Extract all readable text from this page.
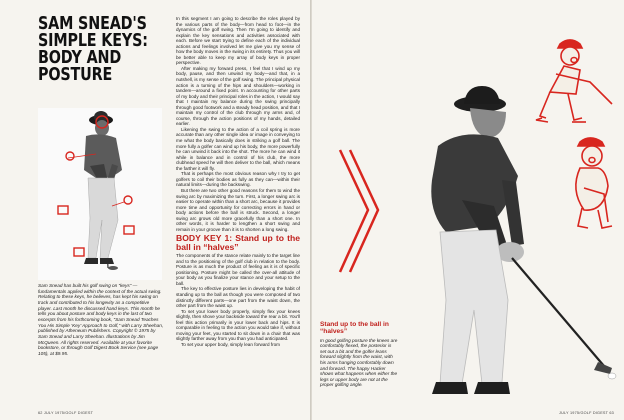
SAM SNEAD'S
SIMPLE KEYS:
BODY AND
POSTURE

Sam Snead has built his golf swing on “keys” —fundamentals applied within the context of the actual swing. Relating to these keys, he believes, has kept his swing on track and contributed to his longevity as a competitive player. Last month he discussed hand keys. This month he tells you about posture and body keys in the last of two excerpts from his forthcoming book, “Sam Snead Teaches You His Simple ‘Key’ Approach to Golf,” with Larry Sheehan, published by Atheneum Publishers. Copyright © 1975 by Sam Snead and Larry Sheehan. Illustrations by Jim McQueen. All rights reserved. Available at your favorite bookstore, or through Golf Digest Book Service (see page 105), at $9.95.

In this segment I am going to describe the roles played by the various parts of the body—from head to foot—in the dynamics of the golf swing. Then I'm going to identify and explain the key sensations and activities associated with each. Before we start trying to define each of the individual actions and feelings involved let me give you my sense of how the body moves in the swing in its entirety. Thus you will be better able to keep my array of body keys in proper perspective.

After making my forward press, I feel that I wind up my body, pause, and then unwind my body—and that, in a nutshell, is my sense of the golf swing. The principal physical action is a turning of the hips and shoulders—working in tandem—around a fixed point. In accounting for other parts of my body and their principal roles in the action, I would say that I maintain my balance during the swing principally through good footwork and a steady head position, and that I maintain my control of the club through my arms and, of course, through the action positions of my hands, detailed earlier.

Likening the swing to the action of a coil spring is more accurate than any other single idea or image in conveying to me what the body basically does in striking a golf ball. The more fully a golfer can wind up his body, the more powerfully he can unwind it back into the shot. The more he can wind it while in balance and in control of his club, the more clubhead speed he will then deliver to the ball, which means the farther it will fly.

That is perhaps the most obvious reason why I try to get golfers to coil their bodies as fully as they can—within their natural limits—during the backswing.

But there are two other good reasons for them to wind the swing arc by maximizing the turn. First, a longer swing arc is easier to operate within than a short arc, because it provides more time and opportunity for correcting errors in hand or body actions before the ball is struck. Second, a longer swing arc grows old more gracefully than a short one. In other words, it is harder to lengthen a short swing and remain in your groove than it is to shorten a long swing.

BODY KEY 1: Stand up to the ball in “halves”

The components of the stance relate mainly to the target line and to the positioning of the golf club in relation to the body. Posture is as much the product of feeling as it is of specific positioning. Posture might be called the over-all attitude of your body as you finalize your stance and your setup to the ball.

The key to effective posture lies in developing the habit of standing up to the ball as though you were composed of two distinctly different parts—one part from the waist down, the other part from the waist up.

To set your lower body properly, simply flex your knees slightly, then shove your backside toward the rear a bit. You'll feel this action primarily in your lower back and hips. It is comparable in feeling to the action you would take if, without moving your feet, you started to sit down in a chair that was slightly farther away from you than you had anticipated.

To set your upper body, simply lean forward from

62 JULY 1975/GOLF DIGEST
Stand up to the ball in “halves”
In good golfing posture the knees are comfortably flexed, the posterior is set out a bit and the golfer leans forward slightly from the waist, with his arms hanging comfortably down and forward. The happy Hacker shows what happens when either the legs or upper body are not at the proper golfing angle.
JULY 1975/GOLF DIGEST 63
